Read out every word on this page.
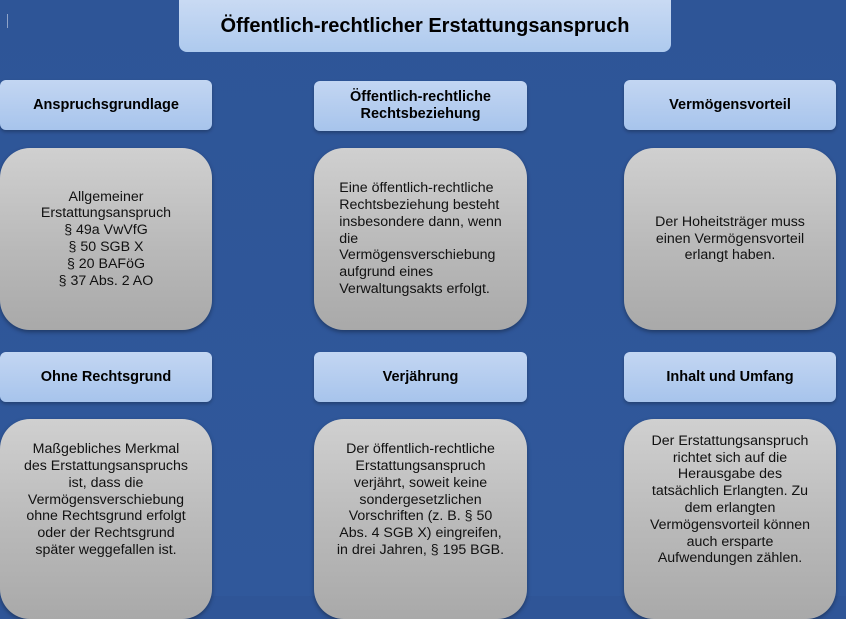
Öffentlich-rechtlicher Erstattungsanspruch
Anspruchsgrundlage	Öffentlich-rechtliche
Rechtsbeziehung
Vermögensvorteil
Allgemeiner
Erstattungsanspruch
§ 49a VwVfG
§ 50 SGB X
§ 20 BAFöG
§ 37 Abs. 2 AO
Eine öffentlich-rechtliche
Rechtsbeziehung besteht
insbesondere dann, wenn
die
Vermögensverschiebung
aufgrund eines
Verwaltungsakts erfolgt.
Der Hoheitsträger muss
einen Vermögensvorteil
erlangt haben.
Ohne Rechtsgrund	Verjährung	Inhalt und Umfang
Maßgebliches Merkmal
des Erstattungsanspruchs
ist, dass die
Vermögensverschiebung
ohne Rechtsgrund erfolgt
oder der Rechtsgrund
später weggefallen ist.
Der öffentlich-rechtliche
Erstattungsanspruch
verjährt, soweit keine
sondergesetzlichen
Vorschriften (z. B. § 50
Abs. 4 SGB X) eingreifen,
in drei Jahren, § 195 BGB.
Der Erstattungsanspruch
richtet sich auf die
Herausgabe des
tatsächlich Erlangten. Zu
dem erlangten
Vermögensvorteil können
auch ersparte
Aufwendungen zählen.
